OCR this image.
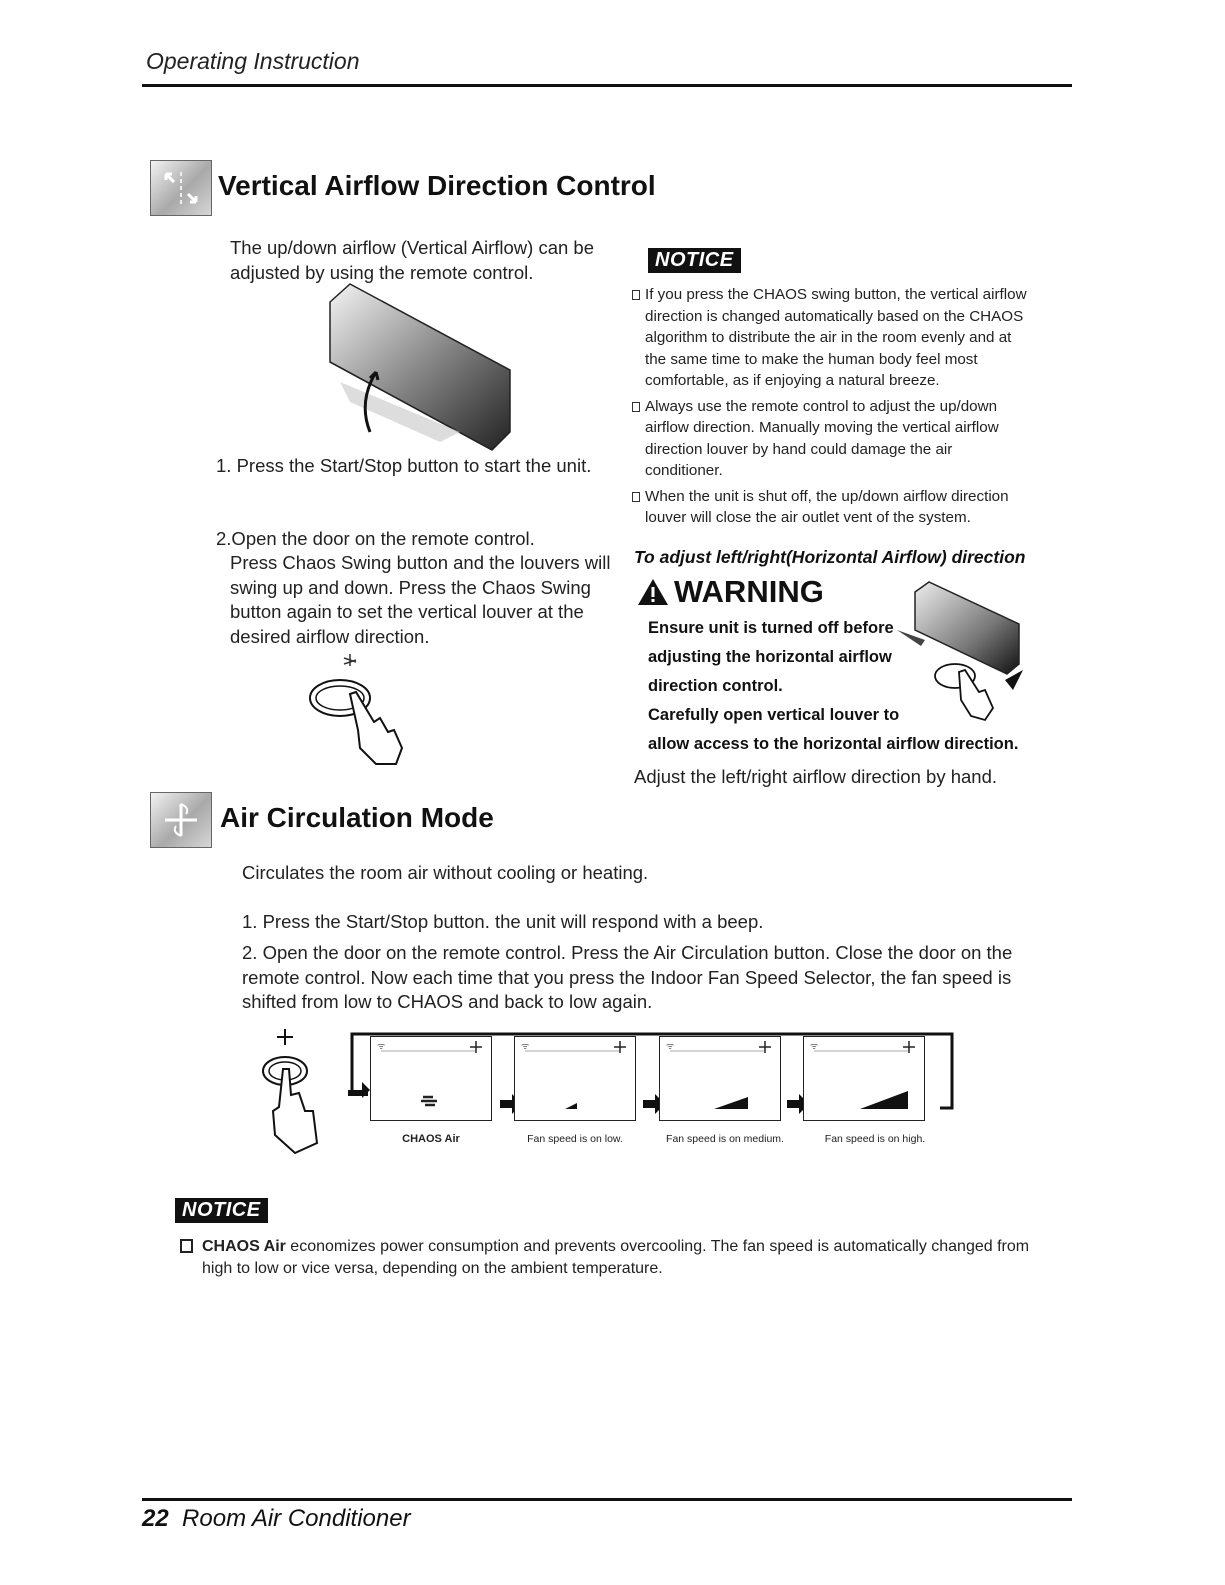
Operating Instruction
Vertical Airflow Direction Control
The up/down airflow (Vertical Airflow) can be adjusted by using the remote control.
1. Press the Start/Stop button to start the unit.
2.Open the door on the remote control.
Press Chaos Swing button and the louvers will swing up and down. Press the Chaos Swing button again to set the vertical louver at the desired airflow direction.
NOTICE
If you press the CHAOS swing button, the vertical airflow direction is changed automatically based on the CHAOS algorithm to distribute the air in the room evenly and at the same time to make the human body feel most comfortable, as if enjoying a natural breeze.
Always use the remote control to adjust the up/down airflow direction. Manually moving the vertical airflow direction louver by hand could damage the air conditioner.
When the unit is shut off, the up/down airflow direction louver will close the air outlet vent of the system.
To adjust left/right(Horizontal Airflow) direction
WARNING
Ensure unit is turned off before
adjusting the horizontal airflow
direction control.
Carefully open vertical louver to
allow access to the horizontal airflow direction.
Adjust the left/right airflow direction by hand.
Air Circulation Mode
Circulates the room air without cooling or heating.
1. Press the Start/Stop button. the unit will respond with a beep.
2. Open the door on the remote control. Press the Air Circulation button. Close the door on the remote control. Now each time that you press the Indoor Fan Speed Selector, the fan speed is shifted from low to CHAOS and back to low again.
ᯤ	ᯤ	ᯤ	ᯤ
CHAOS Air	Fan speed is on low.	Fan speed is on medium.	Fan speed is on high.
NOTICE
CHAOS Air economizes power consumption and prevents overcooling. The fan speed is automatically changed from high to low or vice versa, depending on the ambient temperature.
22 Room Air Conditioner
